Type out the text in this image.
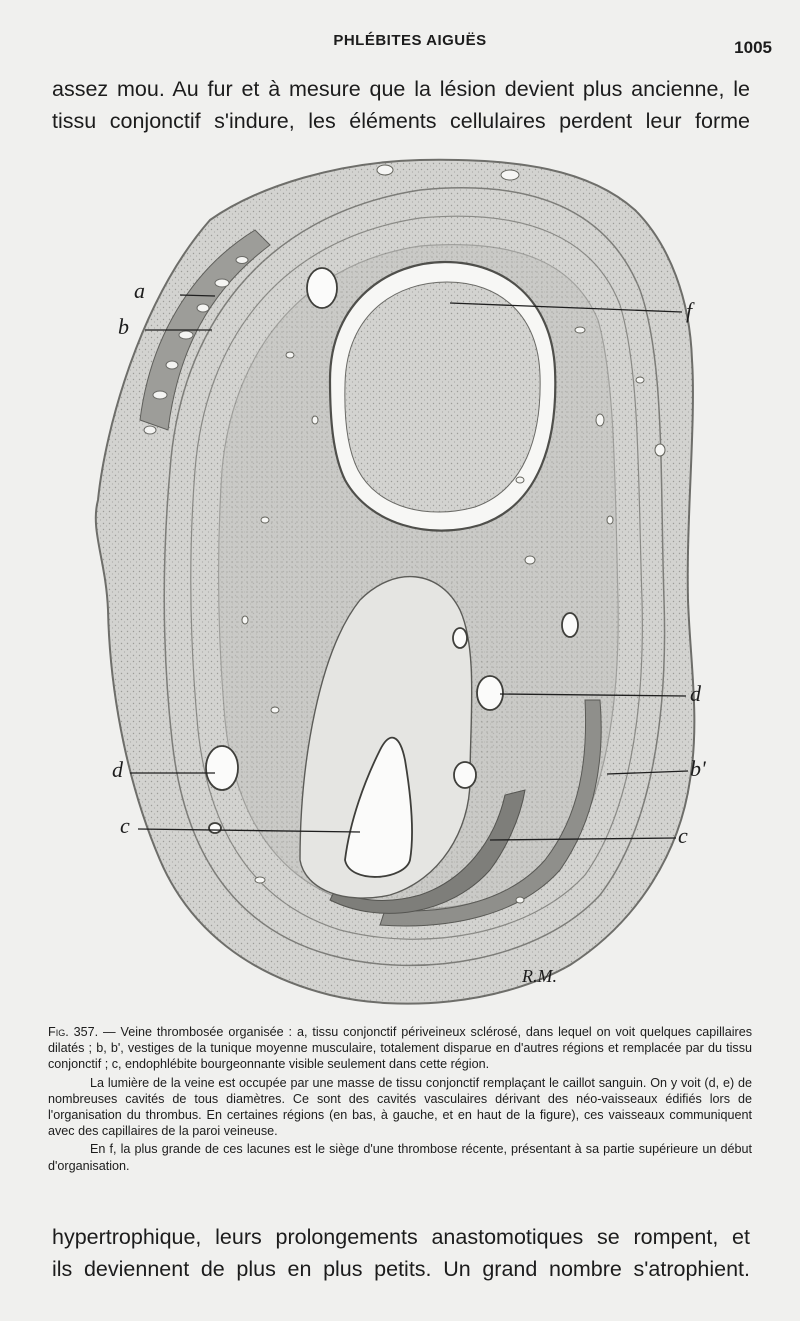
PHLÉBITES AIGUËS	1005
assez mou. Au fur et à mesure que la lésion devient plus ancienne, le
tissu conjonctif s'indure, les éléments cellulaires perdent leur forme
a
b
f
d
d	b'
c	c
R.M.

Fig. 357. — Veine thrombosée organisée : a, tissu conjonctif périveineux sclérosé, dans lequel on voit quelques capillaires dilatés ; b, b', vestiges de la tunique moyenne musculaire, totalement disparue en d'autres régions et remplacée par du tissu conjonctif ; c, endophlébite bourgeonnante visible seulement dans cette région.

La lumière de la veine est occupée par une masse de tissu conjonctif remplaçant le caillot sanguin. On y voit (d, e) de nombreuses cavités de tous diamètres. Ce sont des cavités vasculaires dérivant des néo-vaisseaux édifiés lors de l'organisation du thrombus. En certaines régions (en bas, à gauche, et en haut de la figure), ces vaisseaux communiquent avec des capillaires de la paroi veineuse.

En f, la plus grande de ces lacunes est le siège d'une thrombose récente, présentant à sa partie supérieure un début d'organisation.

hypertrophique, leurs prolongements anastomotiques se rompent, et
ils deviennent de plus en plus petits. Un grand nombre s'atrophient.
